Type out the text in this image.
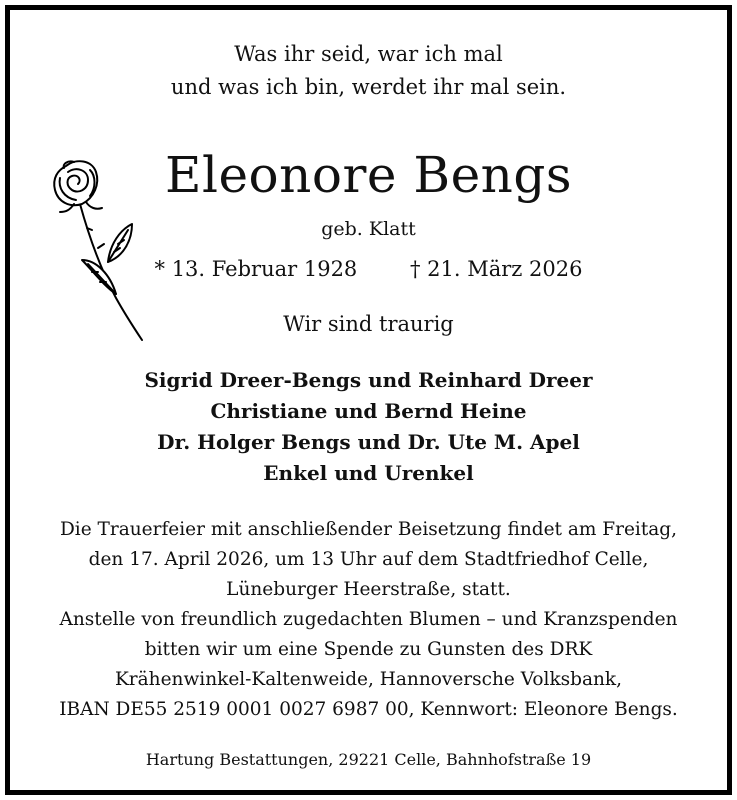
Was ihr seid, war ich mal
und was ich bin, werdet ihr mal sein.
Eleonore Bengs
geb. Klatt
* 13. Februar 1928	† 21. März 2026
Wir sind traurig
Sigrid Dreer-Bengs und Reinhard Dreer
Christiane und Bernd Heine
Dr. Holger Bengs und Dr. Ute M. Apel
Enkel und Urenkel
Die Trauerfeier mit anschließender Beisetzung findet am Freitag,
den 17. April 2026, um 13 Uhr auf dem Stadtfriedhof Celle,
Lüneburger Heerstraße, statt.
Anstelle von freundlich zugedachten Blumen – und Kranzspenden
bitten wir um eine Spende zu Gunsten des DRK
Krähenwinkel-Kaltenweide, Hannoversche Volksbank,
IBAN DE55 2519 0001 0027 6987 00, Kennwort: Eleonore Bengs.
Hartung Bestattungen, 29221 Celle, Bahnhofstraße 19
